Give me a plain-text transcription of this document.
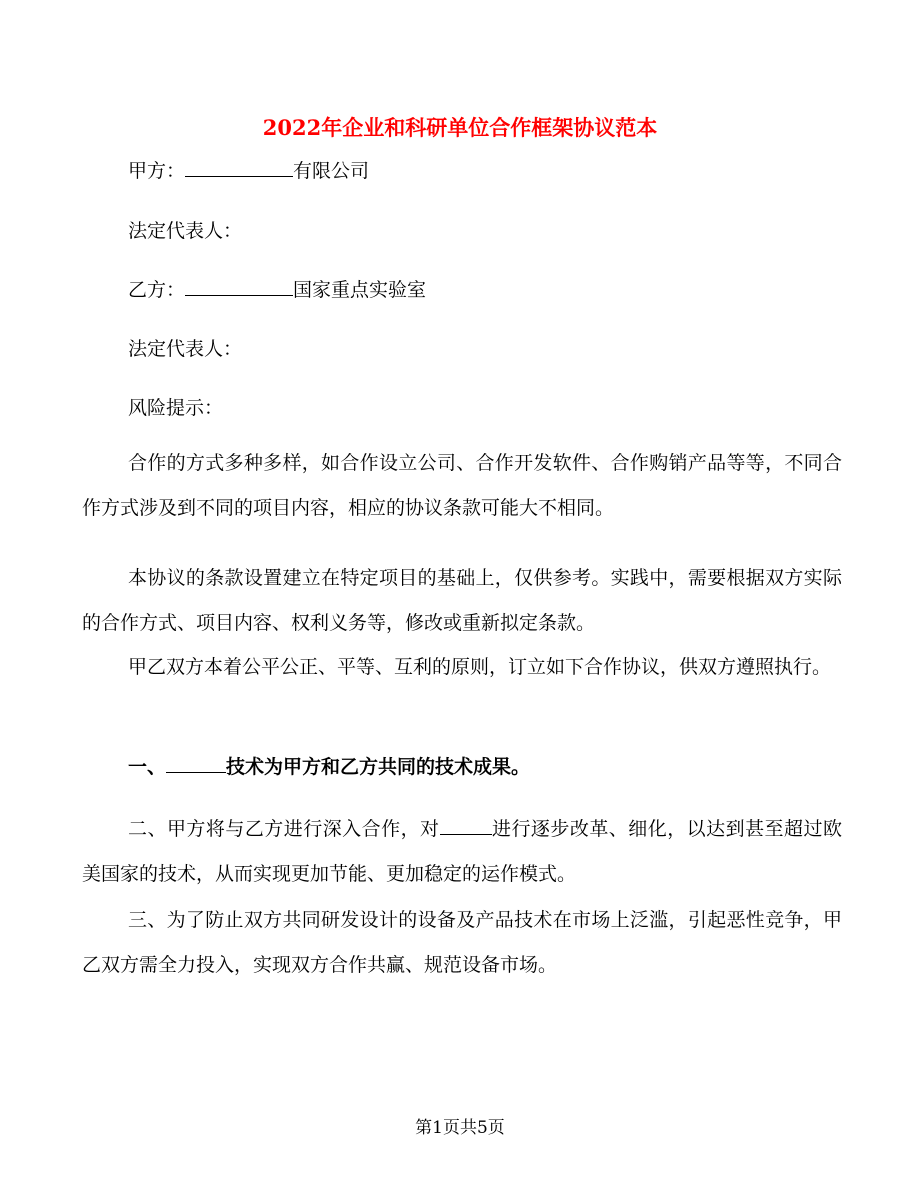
2022年企业和科研单位合作框架协议范本
甲方：	有限公司
法定代表人：
乙方：	国家重点实验室
法定代表人：
风险提示：
合作的方式多种多样，如合作设立公司、合作开发软件、合作购销产品等等，不同合作方式涉及到不同的项目内容，相应的协议条款可能大不相同。
本协议的条款设置建立在特定项目的基础上，仅供参考。实践中，需要根据双方实际的合作方式、项目内容、权利义务等，修改或重新拟定条款。
甲乙双方本着公平公正、平等、互利的原则，订立如下合作协议，供双方遵照执行。
一、	技术为甲方和乙方共同的技术成果。
二、甲方将与乙方进行深入合作，对	进行逐步改革、细化，以达到甚至超过欧美国家的技术，从而实现更加节能、更加稳定的运作模式。
三、为了防止双方共同研发设计的设备及产品技术在市场上泛滥，引起恶性竞争，甲乙双方需全力投入，实现双方合作共赢、规范设备市场。
第1页共5页
